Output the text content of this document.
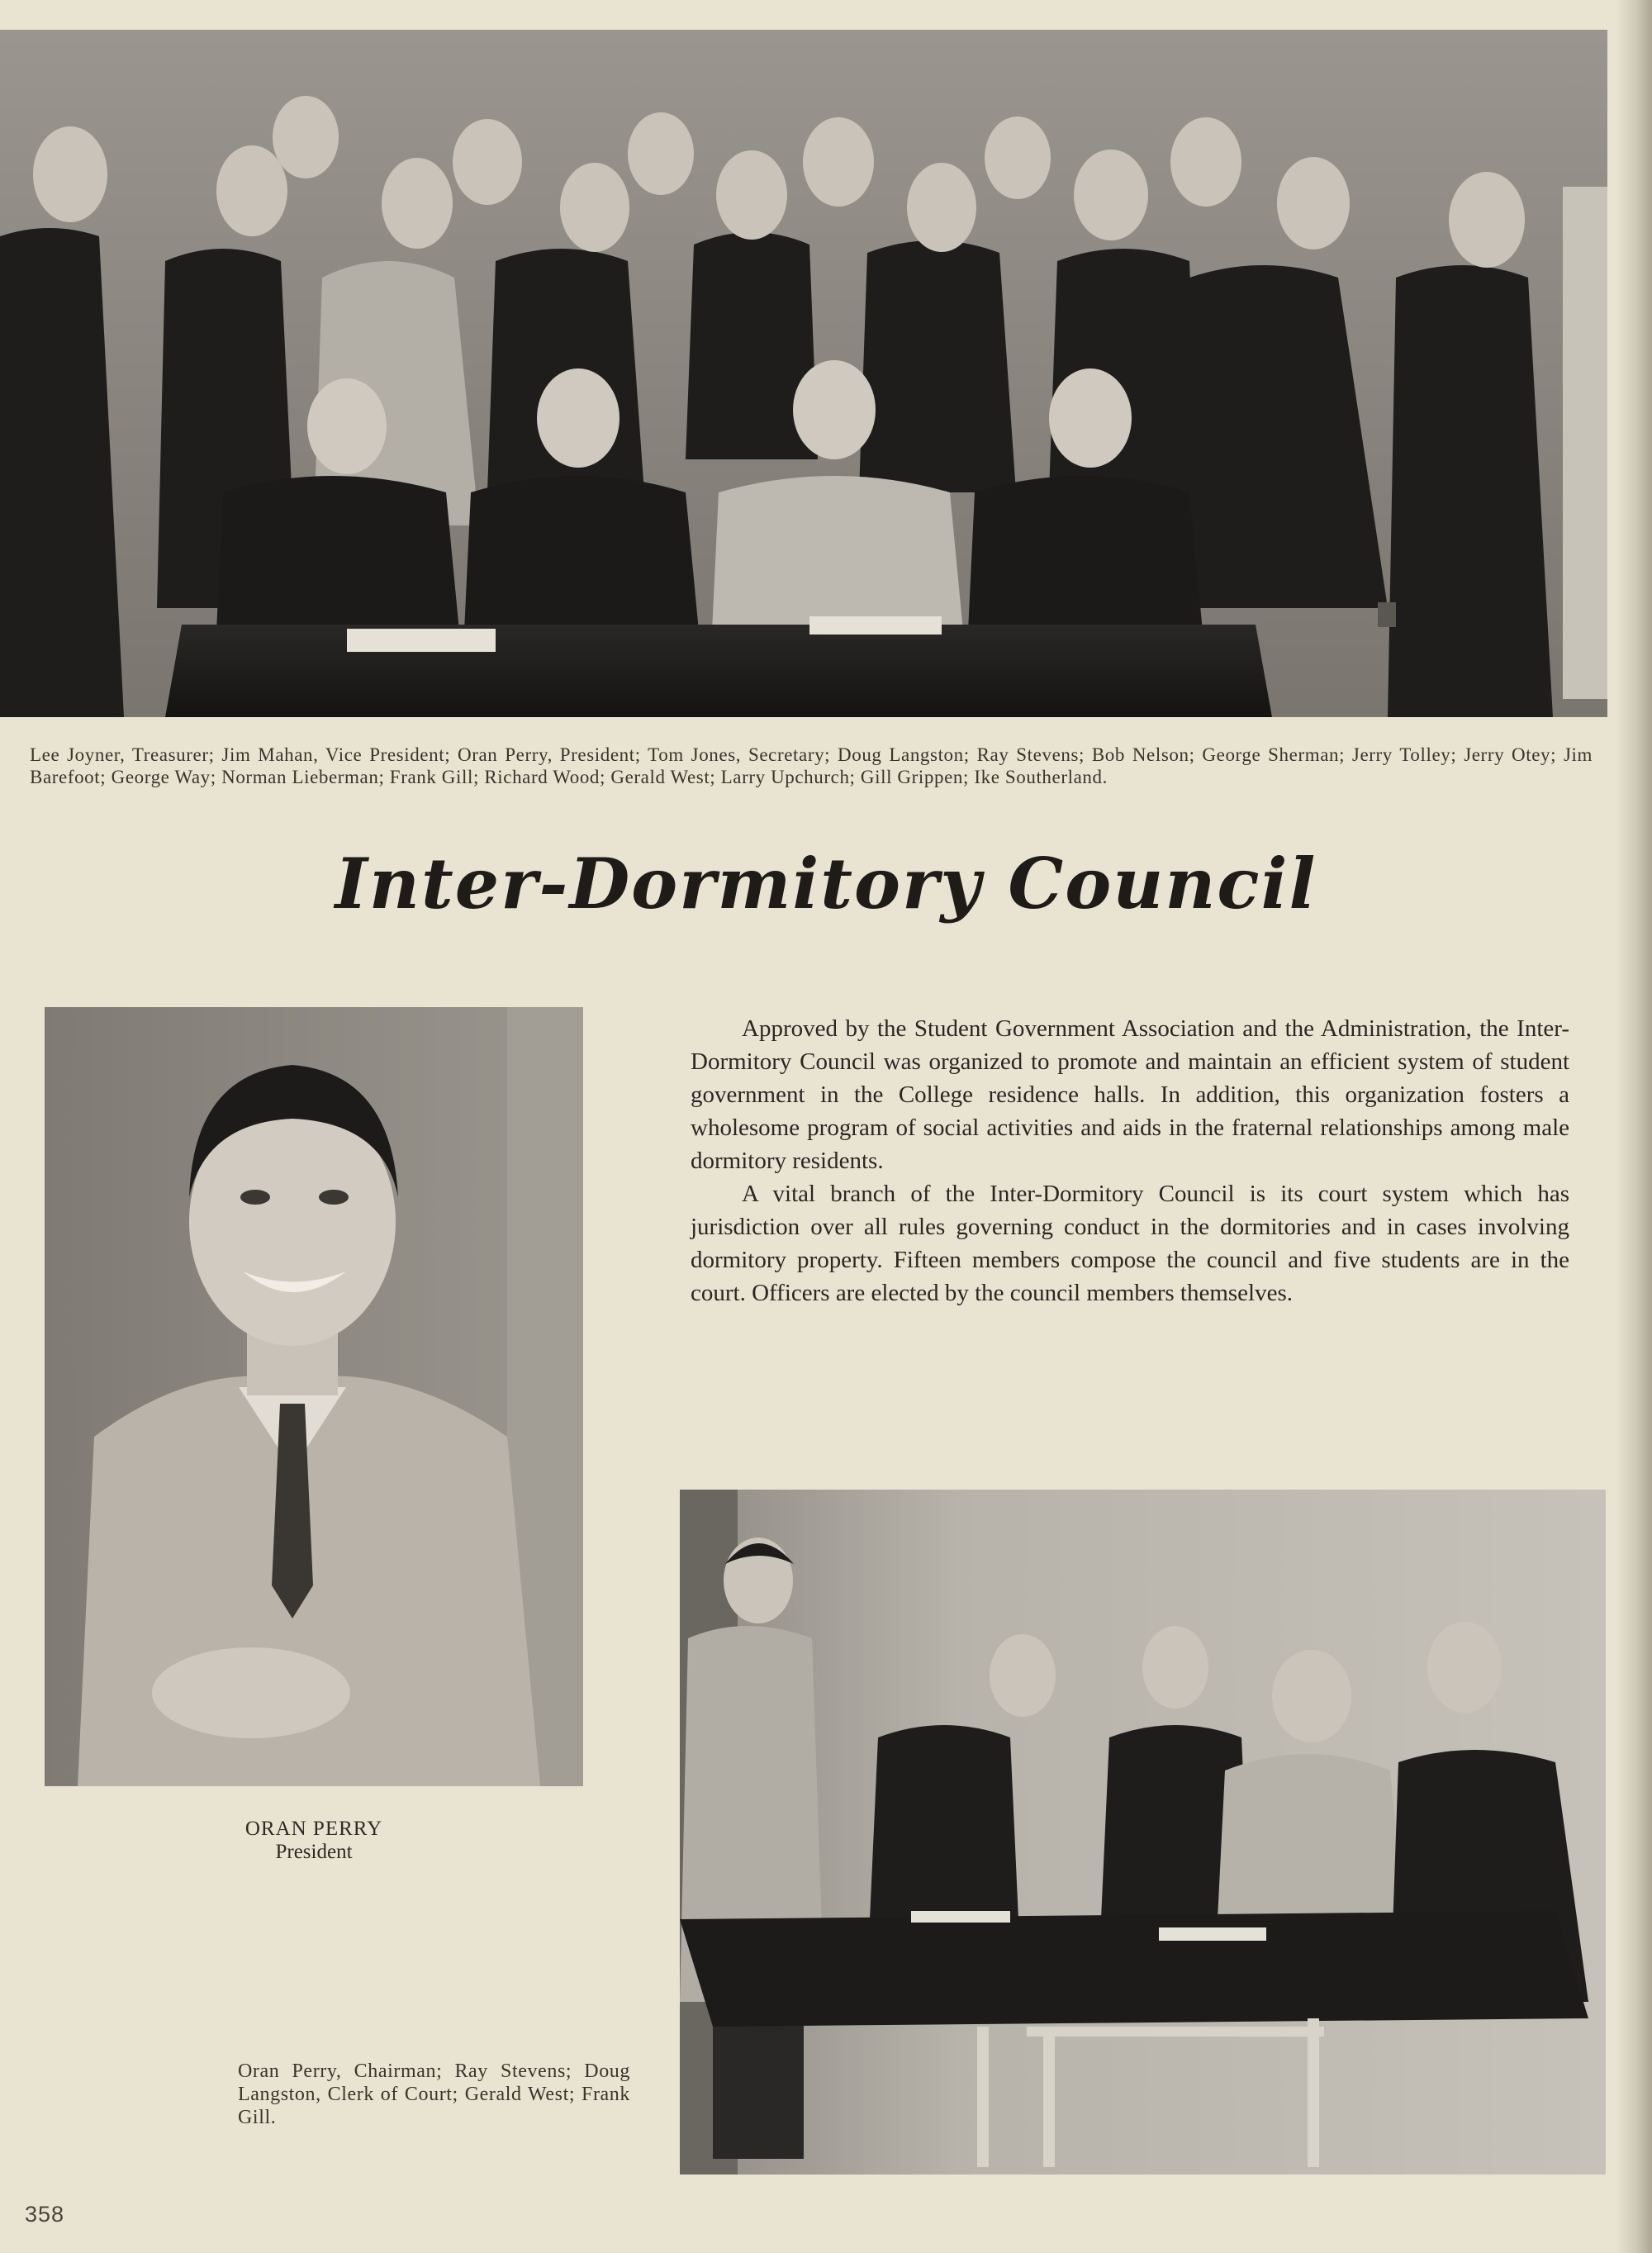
Lee Joyner, Treasurer; Jim Mahan, Vice President; Oran Perry, President; Tom Jones, Secretary; Doug Langston; Ray Stevens; Bob Nelson; George Sherman; Jerry Tolley; Jerry Otey; Jim Barefoot; George Way; Norman Lieberman; Frank Gill; Richard Wood; Gerald West; Larry Upchurch; Gill Grippen; Ike Southerland.
Inter-Dormitory Council
ORAN PERRY
President

Approved by the Student Government Association and the Administration, the Inter-Dormitory Council was organized to promote and maintain an efficient system of student government in the College residence halls. In addition, this organization fosters a wholesome program of social activities and aids in the fraternal relationships among male dormitory residents.

A vital branch of the Inter-Dormitory Council is its court system which has jurisdiction over all rules governing conduct in the dormitories and in cases involving dormitory property. Fifteen members compose the council and five students are in the court. Officers are elected by the council members themselves.

Oran Perry, Chairman; Ray Stevens; Doug Langston, Clerk of Court; Gerald West; Frank Gill.
358
